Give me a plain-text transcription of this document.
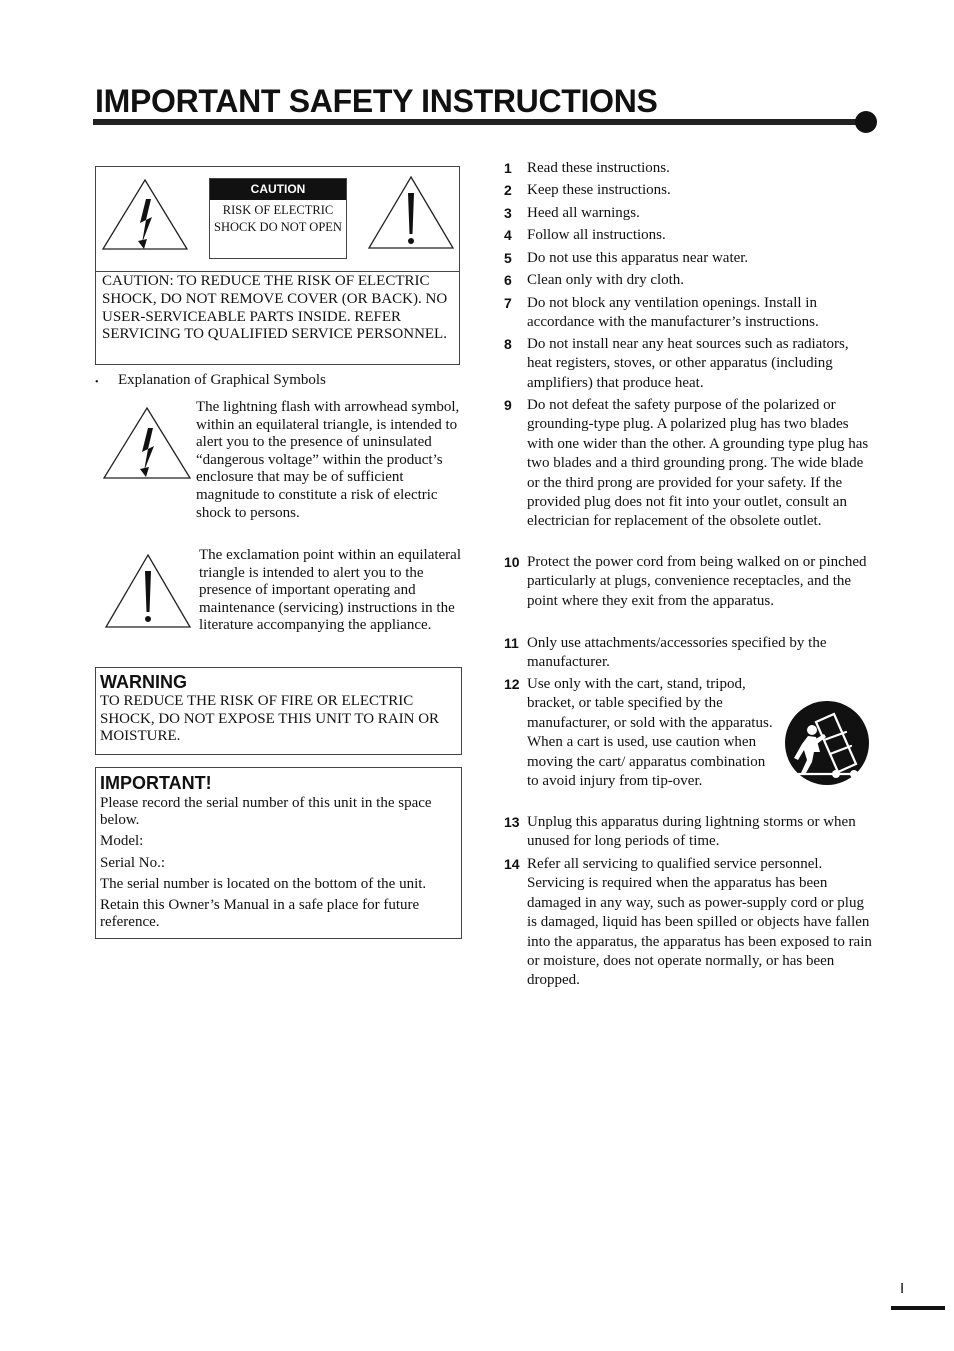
IMPORTANT SAFETY INSTRUCTIONS
CAUTION
RISK OF ELECTRIC SHOCK DO NOT OPEN
CAUTION: TO REDUCE THE RISK OF ELECTRIC SHOCK, DO NOT REMOVE COVER (OR BACK). NO USER-SERVICEABLE PARTS INSIDE. REFER SERVICING TO QUALIFIED SERVICE PERSONNEL.
• Explanation of Graphical Symbols
The lightning flash with arrowhead symbol, within an equilateral triangle, is intended to alert you to the presence of uninsulated “dangerous voltage” within the product’s enclosure that may be of sufficient magnitude to constitute a risk of electric shock to persons.
The exclamation point within an equilateral triangle is intended to alert you to the presence of important operating and maintenance (servicing) instructions in the literature accompanying the appliance.
WARNING
TO REDUCE THE RISK OF FIRE OR ELECTRIC SHOCK, DO NOT EXPOSE THIS UNIT TO RAIN OR MOISTURE.
IMPORTANT!
Please record the serial number of this unit in the space below.
Model:
Serial No.:
The serial number is located on the bottom of the unit.
Retain this Owner’s Manual in a safe place for future reference.
1 Read these instructions.
2 Keep these instructions.
3 Heed all warnings.
4 Follow all instructions.
5 Do not use this apparatus near water.
6 Clean only with dry cloth.
7 Do not block any ventilation openings. Install in accordance with the manufacturer’s instructions.
8 Do not install near any heat sources such as radiators, heat registers, stoves, or other apparatus (including amplifiers) that produce heat.
9 Do not defeat the safety purpose of the polarized or grounding-type plug. A polarized plug has two blades with one wider than the other. A grounding type plug has two blades and a third grounding prong. The wide blade or the third prong are provided for your safety. If the provided plug does not fit into your outlet, consult an electrician for replacement of the obsolete outlet.
10 Protect the power cord from being walked on or pinched particularly at plugs, convenience receptacles, and the point where they exit from the apparatus.
11 Only use attachments/accessories specified by the manufacturer.
12 Use only with the cart, stand, tripod, bracket, or table specified by the manufacturer, or sold with the apparatus. When a cart is used, use caution when moving the cart/ apparatus combination to avoid injury from tip-over.
13 Unplug this apparatus during lightning storms or when unused for long periods of time.
14 Refer all servicing to qualified service personnel. Servicing is required when the apparatus has been damaged in any way, such as power-supply cord or plug is damaged, liquid has been spilled or objects have fallen into the apparatus, the apparatus has been exposed to rain or moisture, does not operate normally, or has been dropped.
I
